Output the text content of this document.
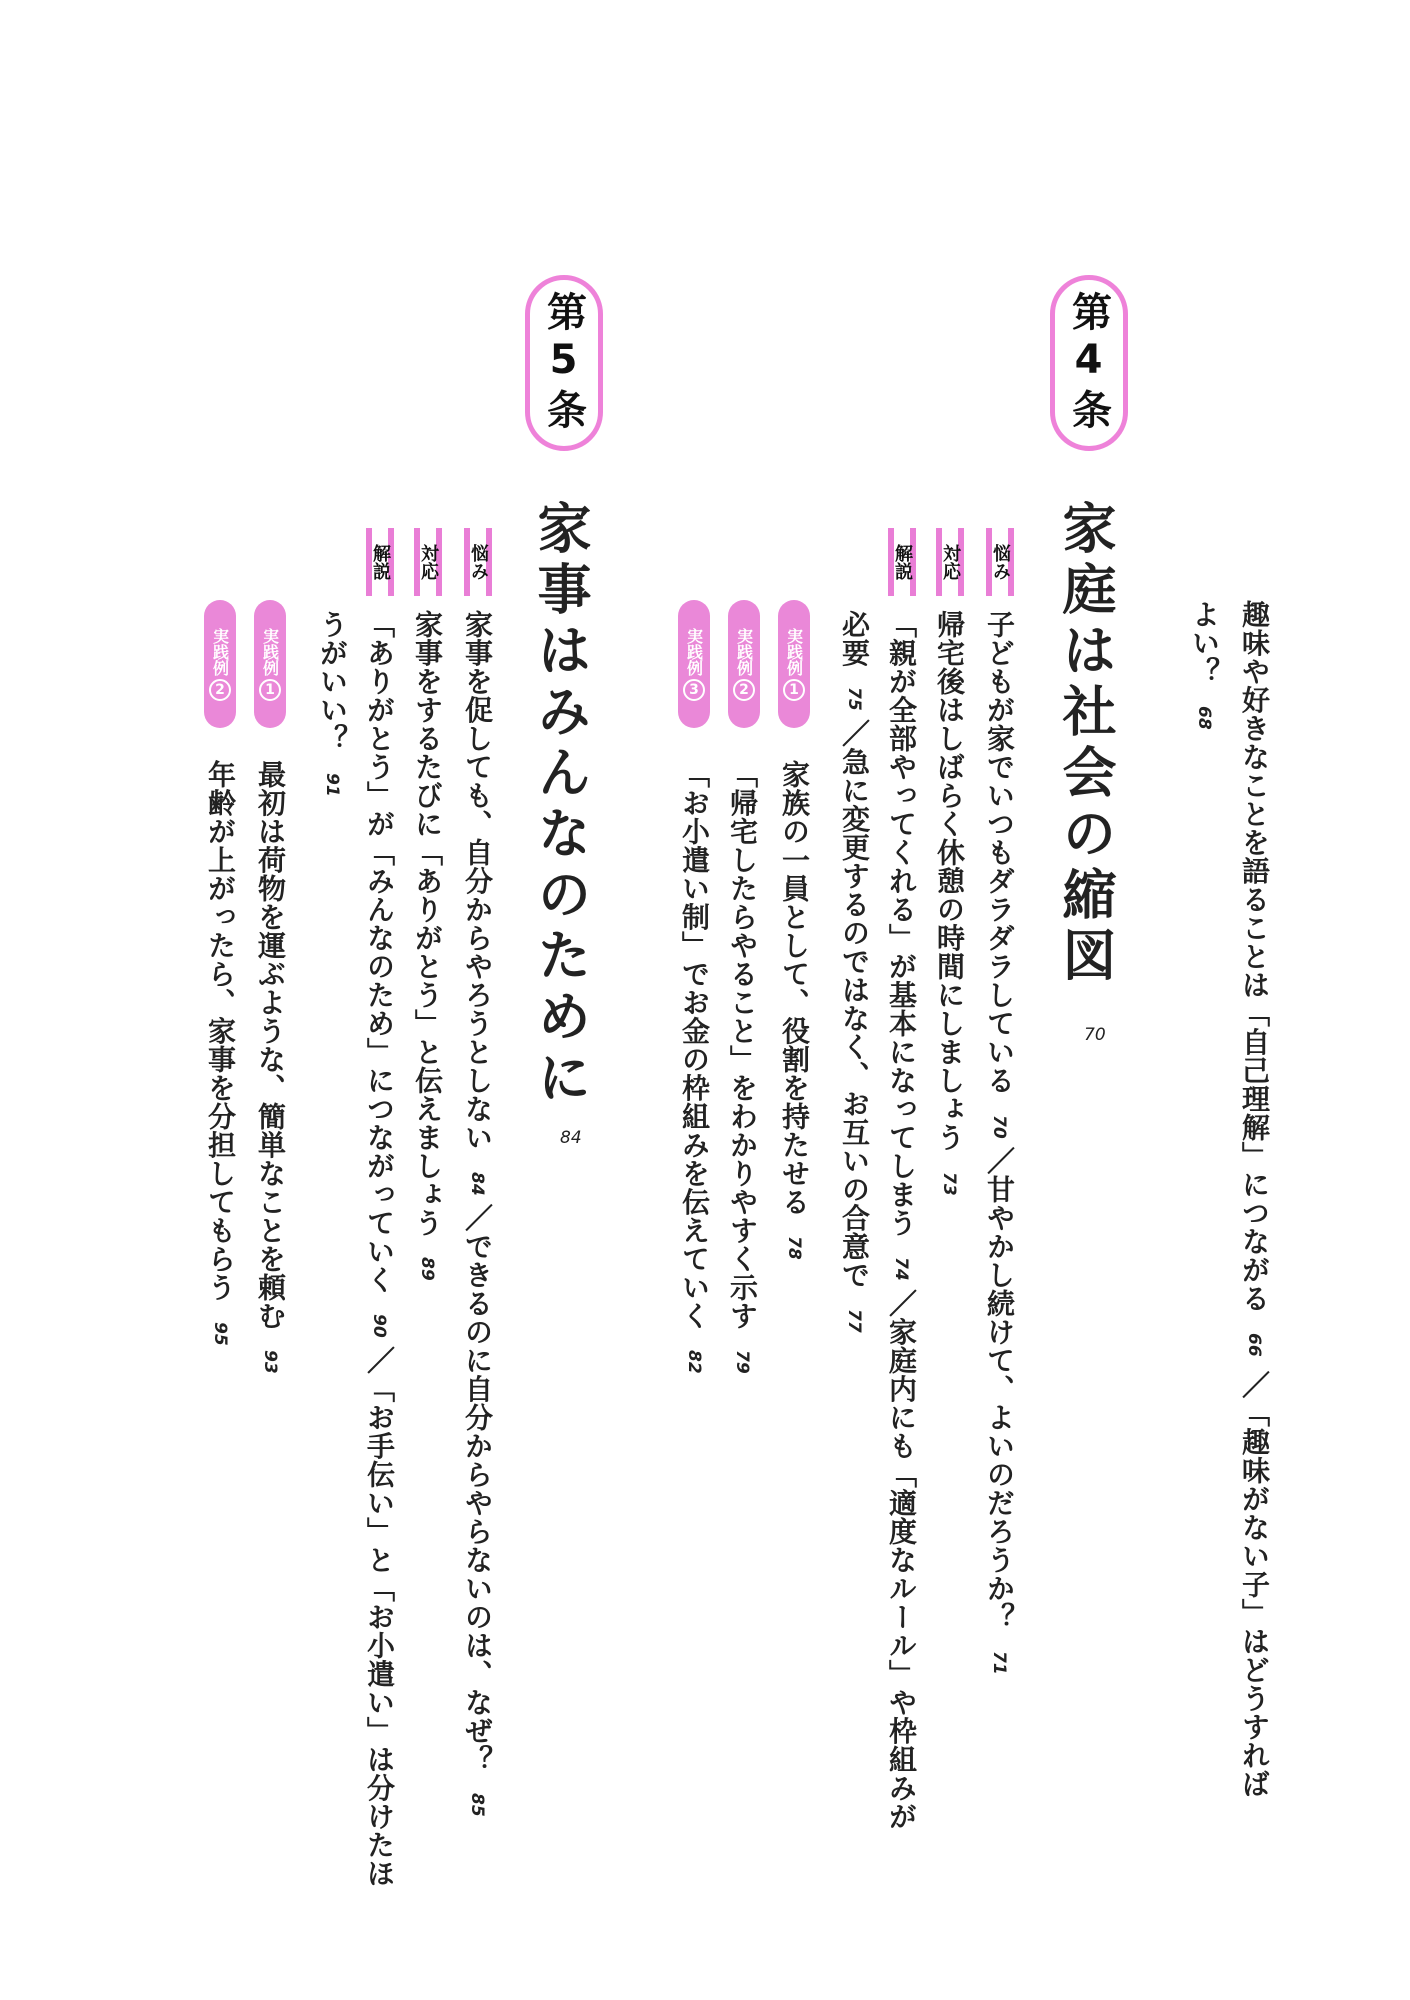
趣味や好きなことを語ることは「自己理解」につながる66／「趣味がない子」はどうすれば
よい？68
第4条
家庭は社会の縮図
70
悩み
子どもが家でいつもダラダラしている70／甘やかし続けて、よいのだろうか？71
対応
帰宅後はしばらく休憩の時間にしましょう73
解説
「親が全部やってくれる」が基本になってしまう74／家庭内にも「適度なルール」や枠組みが
必要75／急に変更するのではなく、お互いの合意で77
実践例
1
家族の一員として、役割を持たせる78
実践例
2
「帰宅したらやること」をわかりやすく示す79
実践例
3
「お小遣い制」でお金の枠組みを伝えていく82
第5条
家事はみんなのために
84
悩み
家事を促しても、自分からやろうとしない84／できるのに自分からやらないのは、なぜ？85
対応
家事をするたびに「ありがとう」と伝えましょう89
解説
「ありがとう」が「みんなのため」につながっていく90／「お手伝い」と「お小遣い」は分けたほ
うがいい？91
実践例
1
最初は荷物を運ぶような、簡単なことを頼む93
実践例
2
年齢が上がったら、家事を分担してもらう95
